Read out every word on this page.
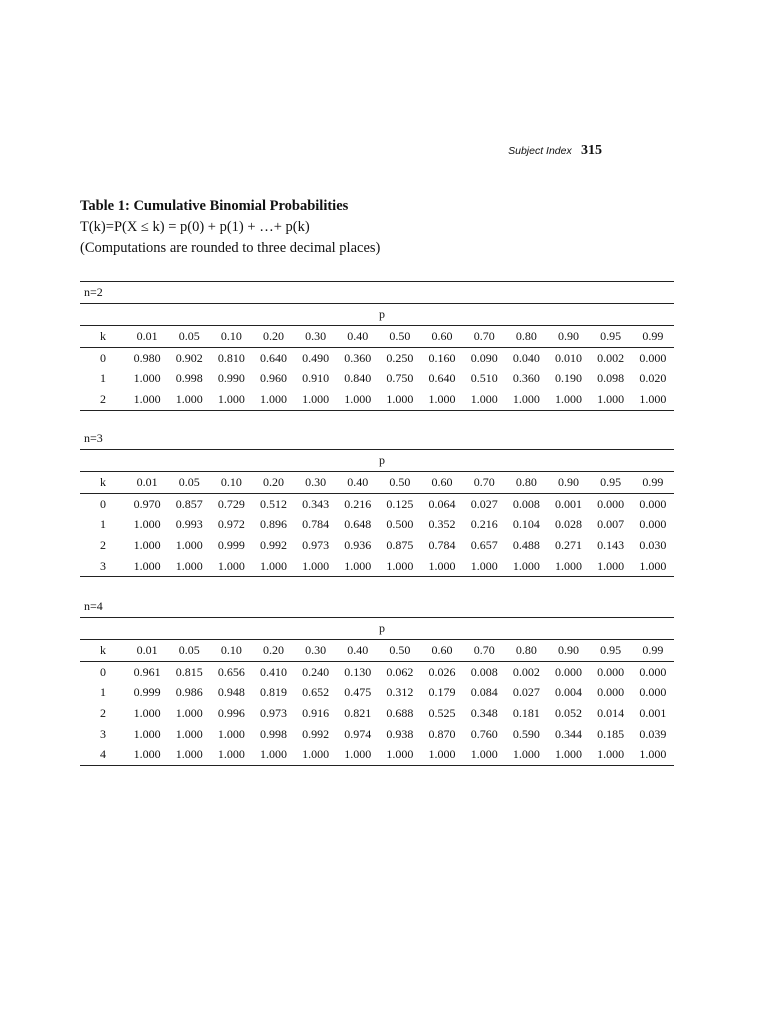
Subject Index 315
Table 1: Cumulative Binomial Probabilities
T(k)=P(X ≤ k) = p(0) + p(1) + …+ p(k)
(Computations are rounded to three decimal places)
n=2
p													
k	0.01	0.05	0.10	0.20	0.30	0.40	0.50	0.60	0.70	0.80	0.90	0.95	0.99
0	0.980	0.902	0.810	0.640	0.490	0.360	0.250	0.160	0.090	0.040	0.010	0.002	0.000
1	1.000	0.998	0.990	0.960	0.910	0.840	0.750	0.640	0.510	0.360	0.190	0.098	0.020
2	1.000	1.000	1.000	1.000	1.000	1.000	1.000	1.000	1.000	1.000	1.000	1.000	1.000
n=3
p													
k	0.01	0.05	0.10	0.20	0.30	0.40	0.50	0.60	0.70	0.80	0.90	0.95	0.99
0	0.970	0.857	0.729	0.512	0.343	0.216	0.125	0.064	0.027	0.008	0.001	0.000	0.000
1	1.000	0.993	0.972	0.896	0.784	0.648	0.500	0.352	0.216	0.104	0.028	0.007	0.000
2	1.000	1.000	0.999	0.992	0.973	0.936	0.875	0.784	0.657	0.488	0.271	0.143	0.030
3	1.000	1.000	1.000	1.000	1.000	1.000	1.000	1.000	1.000	1.000	1.000	1.000	1.000
n=4
p													
k	0.01	0.05	0.10	0.20	0.30	0.40	0.50	0.60	0.70	0.80	0.90	0.95	0.99
0	0.961	0.815	0.656	0.410	0.240	0.130	0.062	0.026	0.008	0.002	0.000	0.000	0.000
1	0.999	0.986	0.948	0.819	0.652	0.475	0.312	0.179	0.084	0.027	0.004	0.000	0.000
2	1.000	1.000	0.996	0.973	0.916	0.821	0.688	0.525	0.348	0.181	0.052	0.014	0.001
3	1.000	1.000	1.000	0.998	0.992	0.974	0.938	0.870	0.760	0.590	0.344	0.185	0.039
4	1.000	1.000	1.000	1.000	1.000	1.000	1.000	1.000	1.000	1.000	1.000	1.000	1.000
